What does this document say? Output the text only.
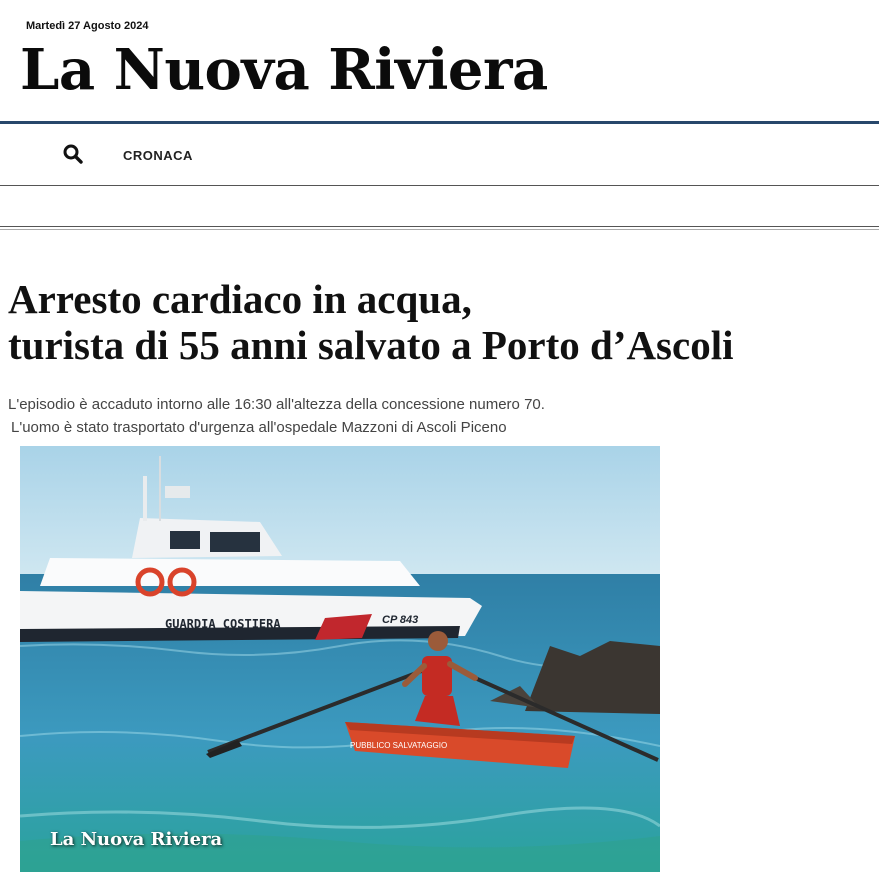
Martedì 27 Agosto 2024
La Nuova Riviera
CRONACA
Arresto cardiaco in acqua,
turista di 55 anni salvato a Porto d’Ascoli
L'episodio è accaduto intorno alle 16:30 all'altezza della concessione numero 70.
L'uomo è stato trasportato d'urgenza all'ospedale Mazzoni di Ascoli Piceno
GUARDIA COSTIERA	CP 843
PUBBLICO SALVATAGGIO
La Nuova Riviera
